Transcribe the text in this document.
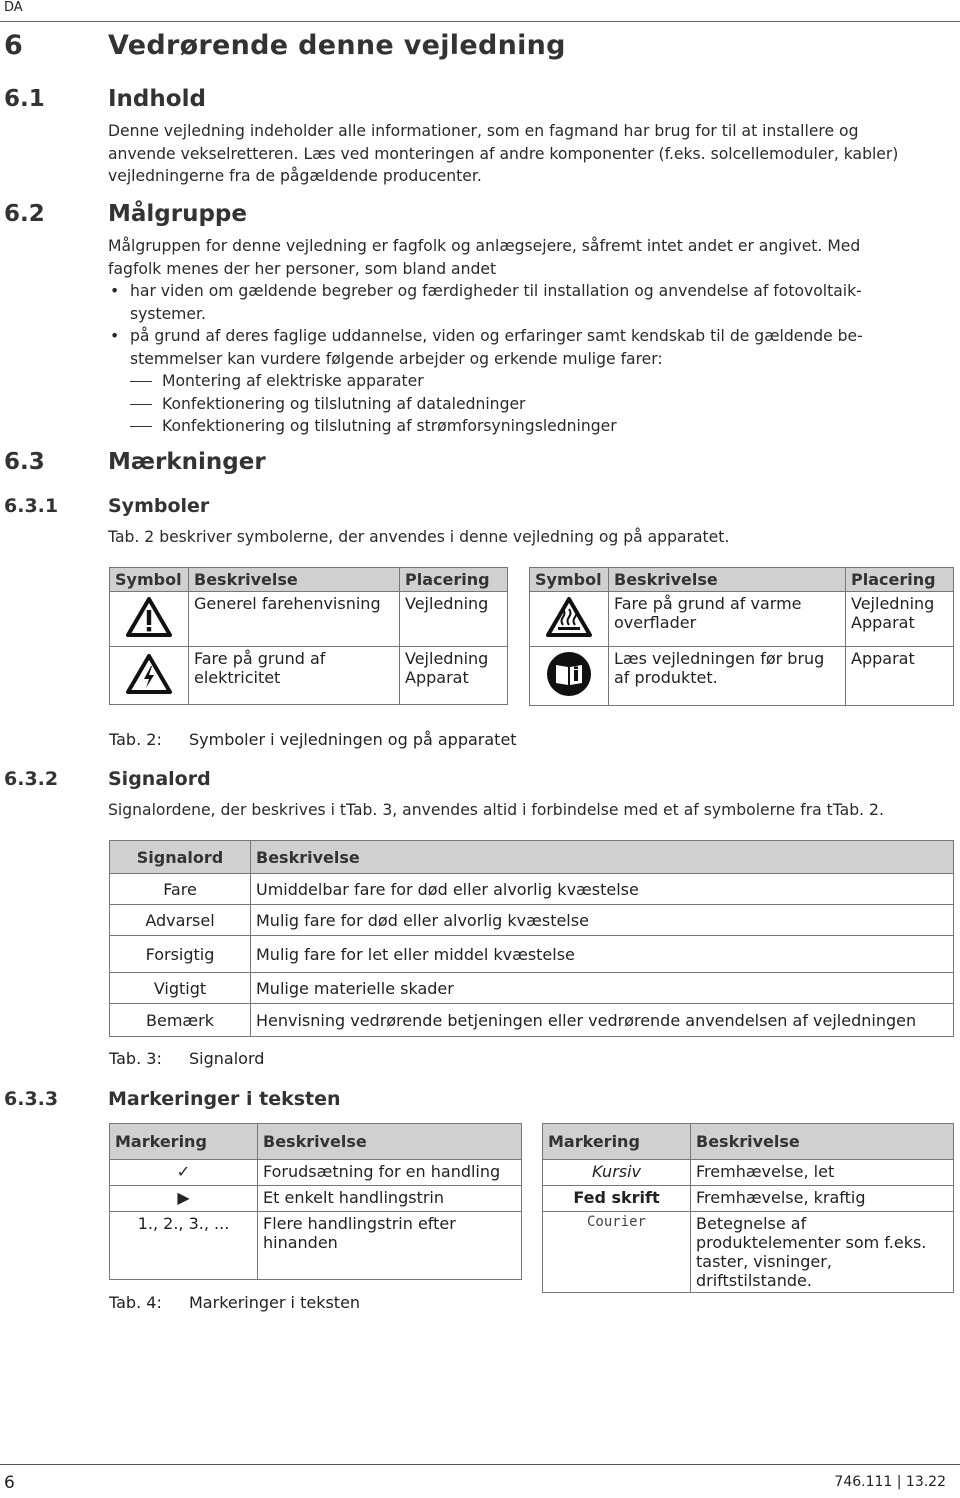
DA
6	Vedrørende denne vejledning
6.1	Indhold

Denne vejledning indeholder alle informationer, som en fagmand har brug for til at installere og

anvende vekselretteren. Læs ved monteringen af andre komponenter (f.eks. solcellemoduler, kabler)

vejledningerne fra de pågældende producenter.

6.2	Målgruppe

Målgruppen for denne vejledning er fagfolk og anlægsejere, såfremt intet andet er angivet. Med

fagfolk menes der her personer, som bland andet

• har viden om gældende begreber og færdigheder til installation og anvendelse af fotovoltaik-

systemer.

• på grund af deres faglige uddannelse, viden og erfaringer samt kendskab til de gældende be-

stemmelser kan vurdere følgende arbejder og erkende mulige farer:

Montering af elektriske apparater

Konfektionering og tilslutning af dataledninger

Konfektionering og tilslutning af strømforsyningsledninger

6.3	Mærkninger
6.3.1	Symboler
Tab. 2 beskriver symbolerne, der anvendes i denne vejledning og på apparatet.
Symbol	Beskrivelse	Placering
	Generel farehenvisning	Vejledning
	Fare på grund af elektricitet	Vejledning Apparat
Symbol	Beskrivelse	Placering
	Fare på grund af varme overflader	Vejledning Apparat
	Læs vejledningen før brug af produktet.	Apparat
Tab. 2: Symboler i vejledningen og på apparatet
6.3.2	Signalord
Signalordene, der beskrives i tTab. 3, anvendes altid i forbindelse med et af symbolerne fra tTab. 2.
Signalord	Beskrivelse
Fare	Umiddelbar fare for død eller alvorlig kvæstelse
Advarsel	Mulig fare for død eller alvorlig kvæstelse
Forsigtig	Mulig fare for let eller middel kvæstelse
Vigtigt	Mulige materielle skader
Bemærk	Henvisning vedrørende betjeningen eller vedrørende anvendelsen af vejledningen
Tab. 3: Signalord
6.3.3	Markeringer i teksten
Markering	Beskrivelse
✓	Forudsætning for en handling
▶	Et enkelt handlingstrin
1., 2., 3., ...	Flere handlingstrin efter hinanden
Markering	Beskrivelse
Kursiv	Fremhævelse, let
Fed skrift	Fremhævelse, kraftig
Courier	Betegnelse af produktelementer som f.eks. taster, visninger, driftstilstande.
Tab. 4: Markeringer i teksten
6	746.111 | 13.22
